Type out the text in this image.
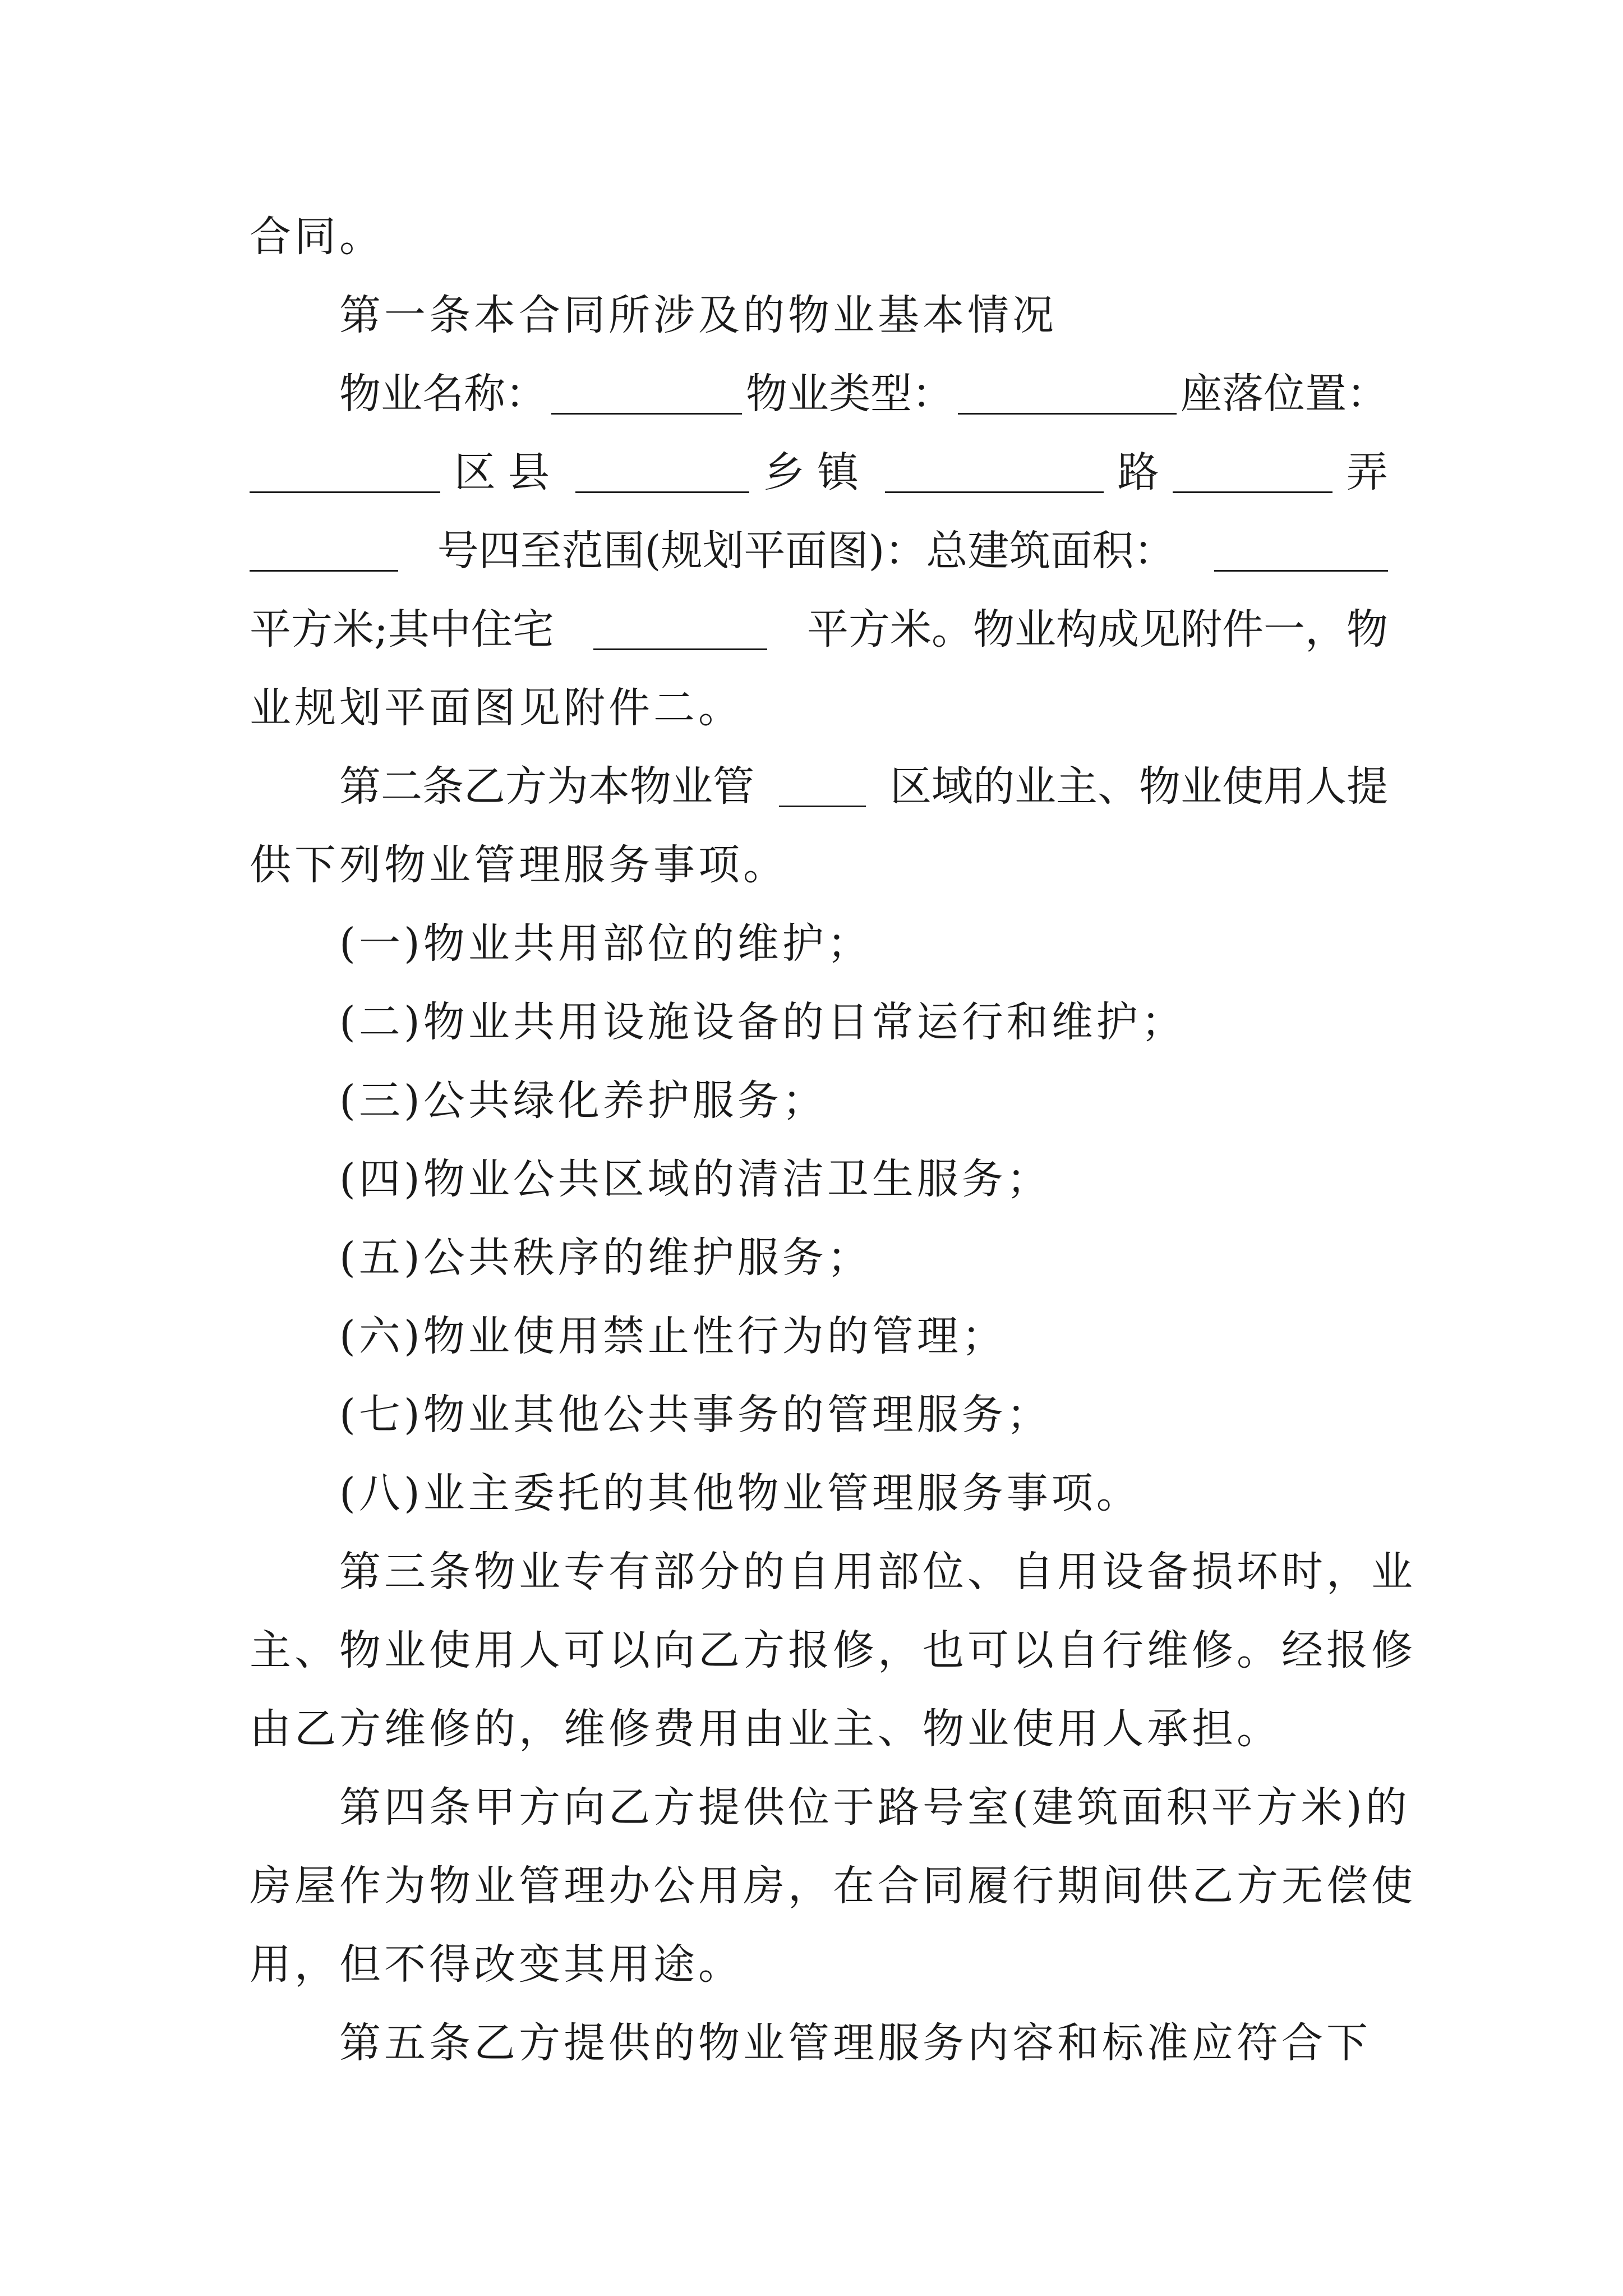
合同。
第一条本合同所涉及的物业基本情况
物业名称：	物业类型：	座落位置：
区县	乡镇	路	弄
号四至范围(规划平面图)：总建筑面积：
平方米;其中住宅	平方米。物业构成见附件一，物
业规划平面图见附件二。
第二条乙方为本物业管	区域的业主、物业使用人提
供下列物业管理服务事项。
(一)物业共用部位的维护；
(二)物业共用设施设备的日常运行和维护；
(三)公共绿化养护服务；
(四)物业公共区域的清洁卫生服务；
(五)公共秩序的维护服务；
(六)物业使用禁止性行为的管理；
(七)物业其他公共事务的管理服务；
(八)业主委托的其他物业管理服务事项。
第三条物业专有部分的自用部位、自用设备损坏时，业
主、物业使用人可以向乙方报修，也可以自行维修。经报修
由乙方维修的，维修费用由业主、物业使用人承担。
第四条甲方向乙方提供位于路号室(建筑面积平方米)的
房屋作为物业管理办公用房，在合同履行期间供乙方无偿使
用，但不得改变其用途。
第五条乙方提供的物业管理服务内容和标准应符合下
